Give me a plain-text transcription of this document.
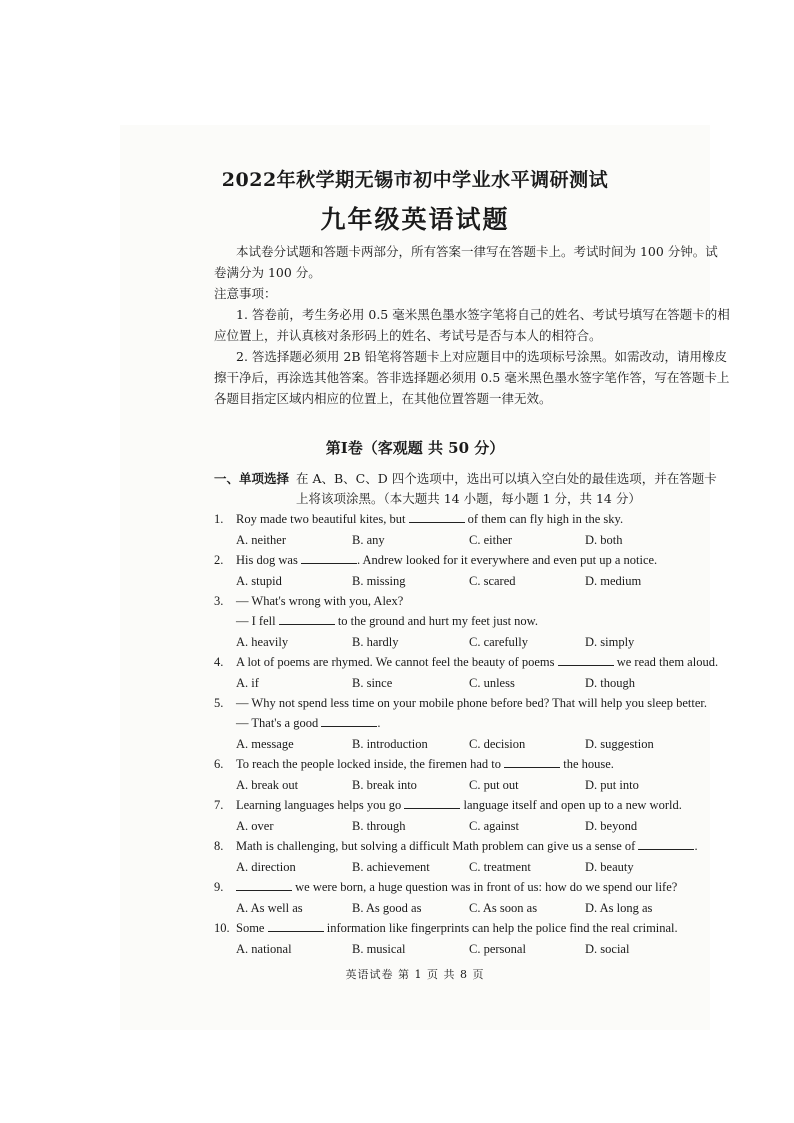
2022年秋学期无锡市初中学业水平调研测试
九年级英语试题
本试卷分试题和答题卡两部分，所有答案一律写在答题卡上。考试时间为 100 分钟。试
卷满分为 100 分。
注意事项：
1. 答卷前，考生务必用 0.5 毫米黑色墨水签字笔将自己的姓名、考试号填写在答题卡的相
应位置上，并认真核对条形码上的姓名、考试号是否与本人的相符合。
2. 答选择题必须用 2B 铅笔将答题卡上对应题目中的选项标号涂黑。如需改动，请用橡皮
擦干净后，再涂选其他答案。答非选择题必须用 0.5 毫米黑色墨水签字笔作答，写在答题卡上
各题目指定区域内相应的位置上，在其他位置答题一律无效。
第Ⅰ卷（客观题 共 50 分）
一、单项选择 在 A、B、C、D 四个选项中，选出可以填入空白处的最佳选项，并在答题卡
上将该项涂黑。（本大题共 14 小题，每小题 1 分，共 14 分）
1. Roy made two beautiful kites, but	of them can fly high in the sky.
A. neither	B. any	C. either	D. both
2. His dog was	. Andrew looked for it everywhere and even put up a notice.
A. stupid	B. missing	C. scared	D. medium
3. — What's wrong with you, Alex?
— I fell	to the ground and hurt my feet just now.
A. heavily	B. hardly	C. carefully	D. simply
4. A lot of poems are rhymed. We cannot feel the beauty of poems	we read them aloud.
A. if	B. since	C. unless	D. though
5. — Why not spend less time on your mobile phone before bed? That will help you sleep better.
— That's a good	.
A. message	B. introduction	C. decision	D. suggestion
6. To reach the people locked inside, the firemen had to	the house.
A. break out	B. break into	C. put out	D. put into
7. Learning languages helps you go	language itself and open up to a new world.
A. over	B. through	C. against	D. beyond
8. Math is challenging, but solving a difficult Math problem can give us a sense of	.
A. direction	B. achievement	C. treatment	D. beauty
9.	we were born, a huge question was in front of us: how do we spend our life?
A. As well as	B. As good as	C. As soon as	D. As long as
10. Some	information like fingerprints can help the police find the real criminal.
A. national	B. musical	C. personal	D. social
英语试卷 第 1 页 共 8 页
